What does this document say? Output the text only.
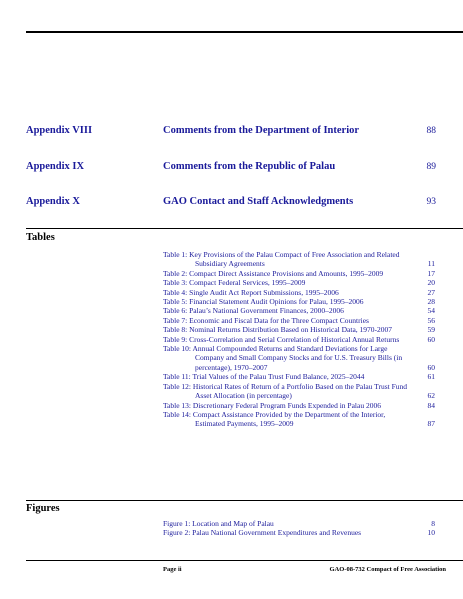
Appendix VIII	Comments from the Department of Interior	88
Appendix IX	Comments from the Republic of Palau	89
Appendix X	GAO Contact and Staff Acknowledgments	93
Tables
Table 1: Key Provisions of the Palau Compact of Free Association and Related Subsidiary Agreements	11
Table 2: Compact Direct Assistance Provisions and Amounts, 1995–2009	17
Table 3: Compact Federal Services, 1995–2009	20
Table 4: Single Audit Act Report Submissions, 1995–2006	27
Table 5: Financial Statement Audit Opinions for Palau, 1995–2006	28
Table 6: Palau’s National Government Finances, 2000–2006	54
Table 7: Economic and Fiscal Data for the Three Compact Countries	56
Table 8: Nominal Returns Distribution Based on Historical Data, 1970-2007	59
Table 9: Cross-Correlation and Serial Correlation of Historical Annual Returns	60
Table 10: Annual Compounded Returns and Standard Deviations for Large Company and Small Company Stocks and for U.S. Treasury Bills (in percentage), 1970–2007	60
Table 11: Trial Values of the Palau Trust Fund Balance, 2025–2044	61
Table 12: Historical Rates of Return of a Portfolio Based on the Palau Trust Fund Asset Allocation (in percentage)	62
Table 13: Discretionary Federal Program Funds Expended in Palau 2006	84
Table 14: Compact Assistance Provided by the Department of the Interior, Estimated Payments, 1995–2009	87
Figures
Figure 1: Location and Map of Palau	8
Figure 2: Palau National Government Expenditures and Revenues	10
Page ii	GAO-08-732 Compact of Free Association
